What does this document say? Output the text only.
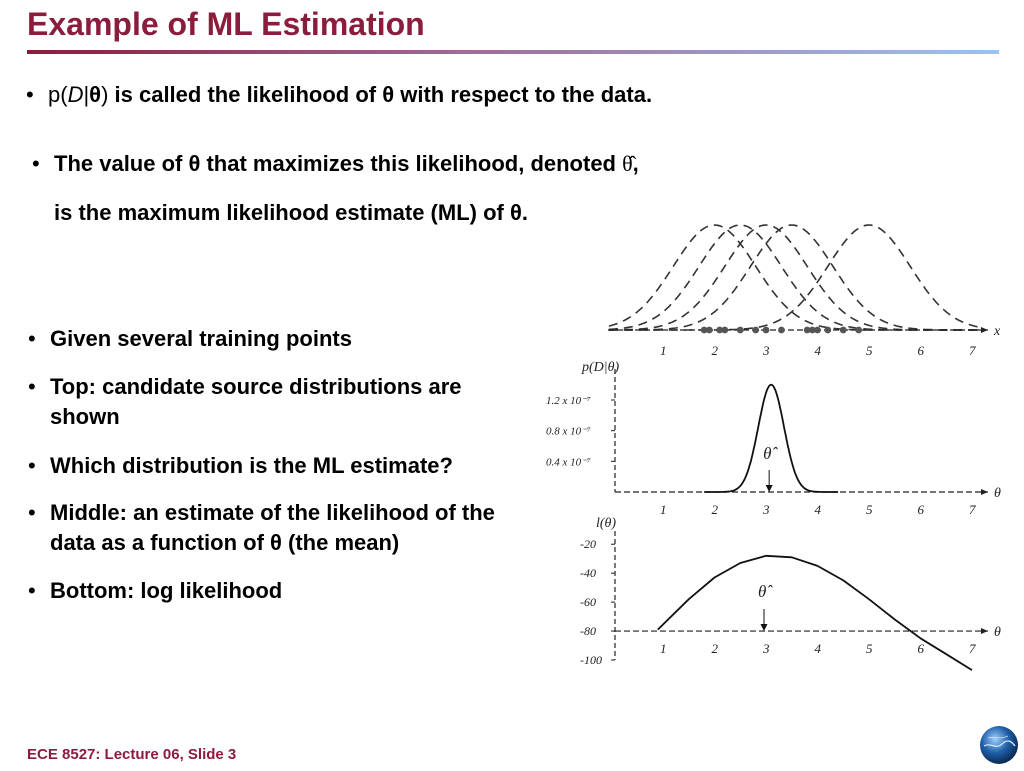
Example of ML Estimation
• p(D|θ) is called the likelihood of θ with respect to the data.
• The value of θ that maximizes this likelihood, denoted θ̂,
is the maximum likelihood estimate (ML) of θ.
• Given several training points
• Top: candidate source distributions are shown
• Which distribution is the ML estimate?
• Middle: an estimate of the likelihood of the data as a function of θ (the mean)
• Bottom: log likelihood
x
1	2	3	4	5	6	7
p(D|θ)
θ
1.2 x 10⁻⁷
0.8 x 10⁻⁷
0.4 x 10⁻⁷
1	2	3	4	5	6	7
θ̂
l(θ)
θ
-20
-40
-60
-80
-100
1	2	3	4	5	6	7
θ̂
ECE 8527: Lecture 06, Slide 3
